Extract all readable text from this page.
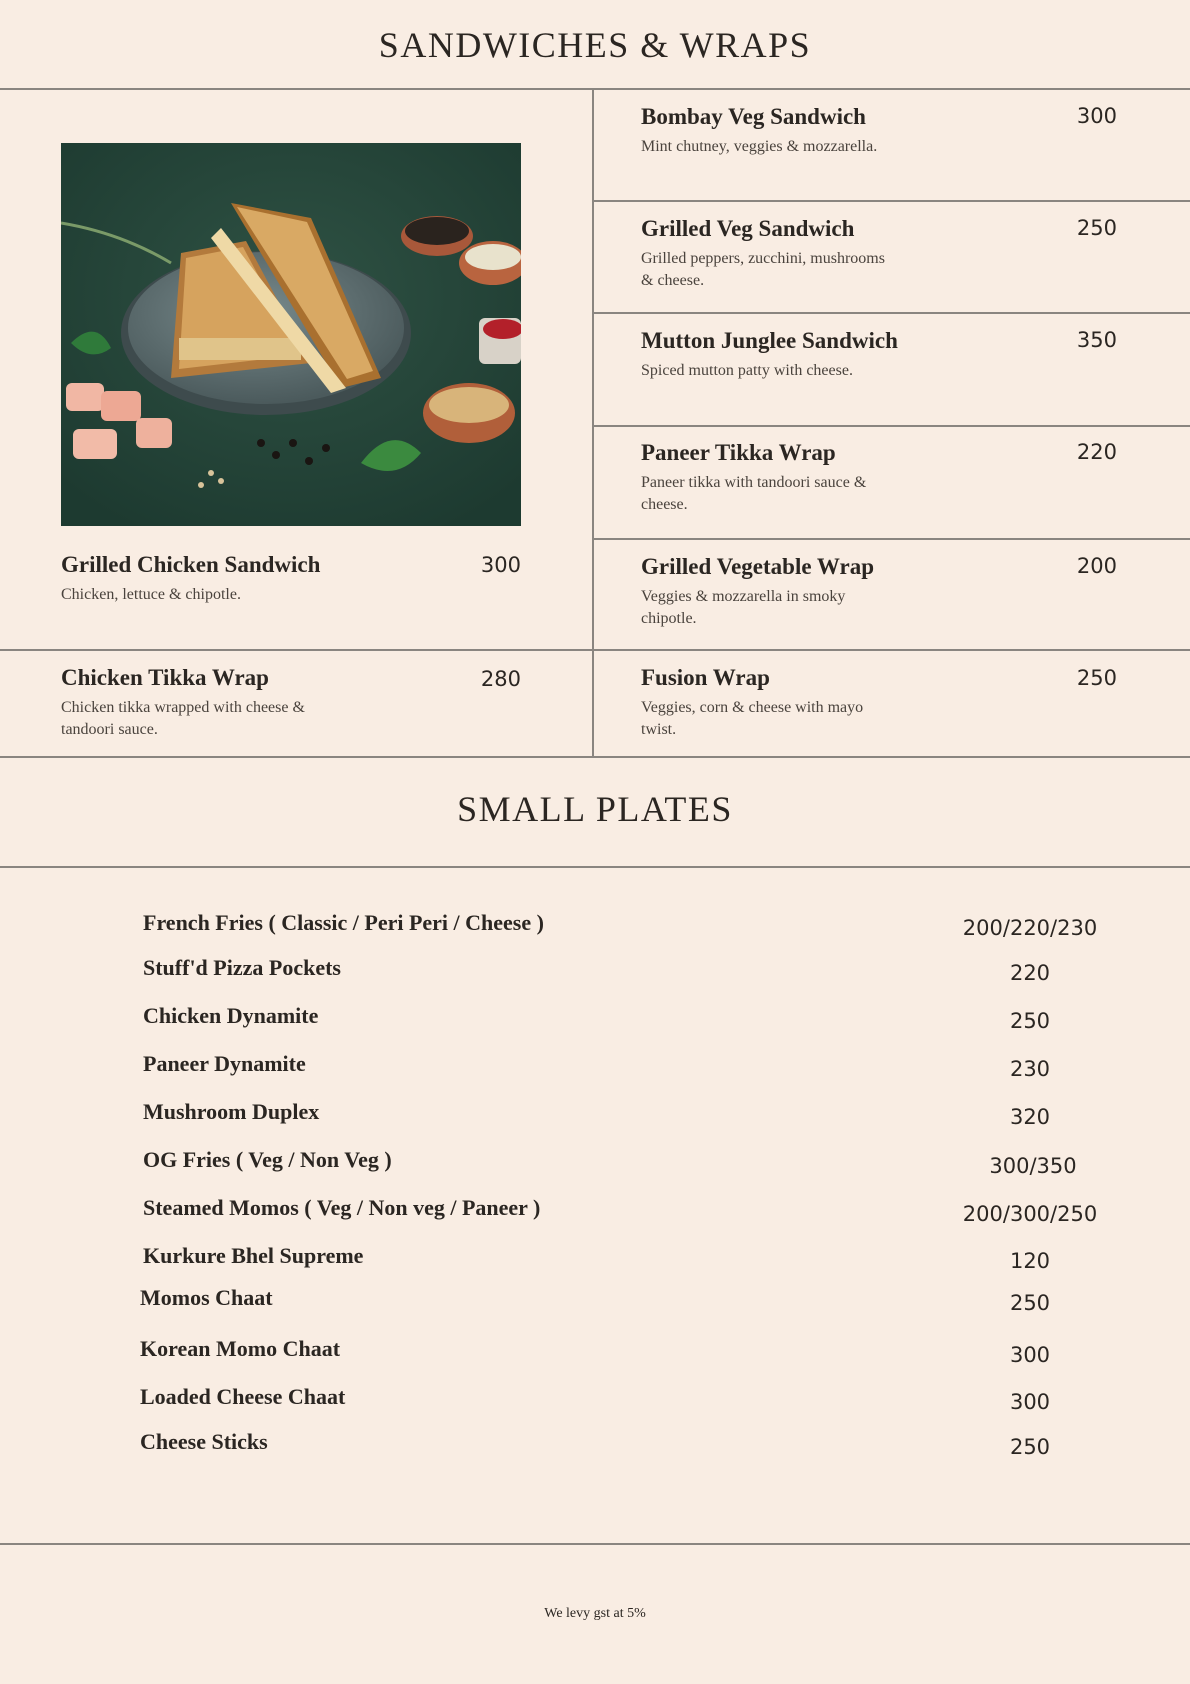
SANDWICHES & WRAPS
Grilled Chicken Sandwich
Chicken, lettuce & chipotle.
300
Chicken Tikka Wrap
Chicken tikka wrapped with cheese & tandoori sauce.
280
Bombay Veg Sandwich
Mint chutney, veggies & mozzarella.
300
Grilled Veg Sandwich
Grilled peppers, zucchini, mushrooms & cheese.
250
Mutton Junglee Sandwich
Spiced mutton patty with cheese.
350
Paneer Tikka Wrap
Paneer tikka with tandoori sauce & cheese.
220
Grilled Vegetable Wrap
Veggies & mozzarella in smoky chipotle.
200
Fusion Wrap
Veggies, corn & cheese with mayo twist.
250
SMALL PLATES
French Fries ( Classic / Peri Peri / Cheese )	200/220/230
Stuff'd Pizza Pockets	220
Chicken Dynamite	250
Paneer Dynamite	230
Mushroom Duplex	320
OG Fries ( Veg / Non Veg )	300/350
Steamed Momos ( Veg / Non veg / Paneer )	200/300/250
Kurkure Bhel Supreme	120
Momos Chaat	250
Korean Momo Chaat	300
Loaded Cheese Chaat	300
Cheese Sticks	250
We levy gst at 5%
